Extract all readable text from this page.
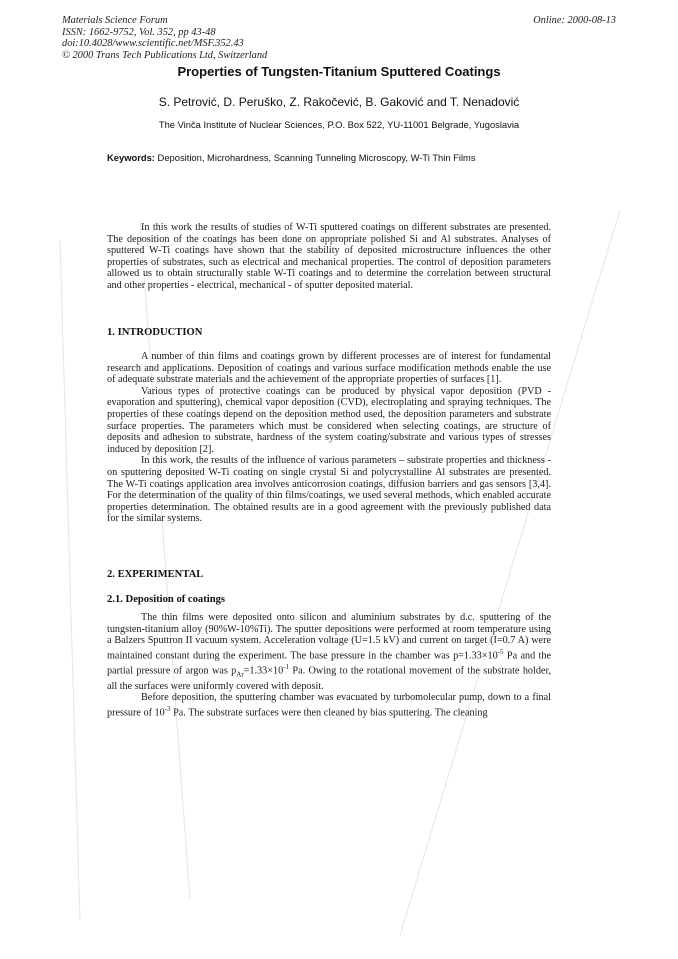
Materials Science Forum
ISSN: 1662-9752, Vol. 352, pp 43-48
doi:10.4028/www.scientific.net/MSF.352.43
© 2000 Trans Tech Publications Ltd, Switzerland
Online: 2000-08-13
Properties of Tungsten-Titanium Sputtered Coatings
S. Petrović, D. Peruško, Z. Rakočević, B. Gaković and T. Nenadović
The Vinča Institute of Nuclear Sciences, P.O. Box 522, YU-11001 Belgrade, Yugoslavia
Keywords: Deposition, Microhardness, Scanning Tunneling Microscopy, W-Ti Thin Films

In this work the results of studies of W-Ti sputtered coatings on different substrates are presented. The deposition of the coatings has been done on appropriate polished Si and Al substrates. Analyses of sputtered W-Ti coatings have shown that the stability of deposited microstructure influences the other properties of substrates, such as electrical and mechanical properties. The control of deposition parameters allowed us to obtain structurally stable W-Ti coatings and to determine the correlation between structural and other properties - electrical, mechanical - of sputter deposited material.

1. INTRODUCTION

A number of thin films and coatings grown by different processes are of interest for fundamental research and applications. Deposition of coatings and various surface modification methods enable the use of adequate substrate materials and the achievement of the appropriate properties of surfaces [1].

Various types of protective coatings can be produced by physical vapor deposition (PVD - evaporation and sputtering), chemical vapor deposition (CVD), electroplating and spraying techniques. The properties of these coatings depend on the deposition method used, the deposition parameters and substrate surface properties. The parameters which must be considered when selecting coatings, are structure of deposits and adhesion to substrate, hardness of the system coating/substrate and various types of stresses induced by deposition [2].

In this work, the results of the influence of various parameters – substrate properties and thickness - on sputtering deposited W-Ti coating on single crystal Si and polycrystalline Al substrates are presented. The W-Ti coatings application area involves anticorrosion coatings, diffusion barriers and gas sensors [3,4]. For the determination of the quality of thin films/coatings, we used several methods, which enabled accurate properties determination. The obtained results are in a good agreement with the previously published data for the similar systems.

2. EXPERIMENTAL
2.1. Deposition of coatings

The thin films were deposited onto silicon and aluminium substrates by d.c. sputtering of the tungsten-titanium alloy (90%W-10%Ti). The sputter depositions were performed at room temperature using a Balzers Sputtron II vacuum system. Acceleration voltage (U=1.5 kV) and current on target (I=0.7 A) were maintained constant during the experiment. The base pressure in the chamber was $p=1.33\times 10^{-5}$ Pa and the partial pressure of argon was $p_{Ar}=1.33\times 10^{-1}$ Pa. Owing to the rotational movement of the substrate holder, all the surfaces were uniformly covered with deposit.

Before deposition, the sputtering chamber was evacuated by turbomolecular pump, down to a final pressure of $10^{-3}$ Pa. The substrate surfaces were then cleaned by bias sputtering. The cleaning
